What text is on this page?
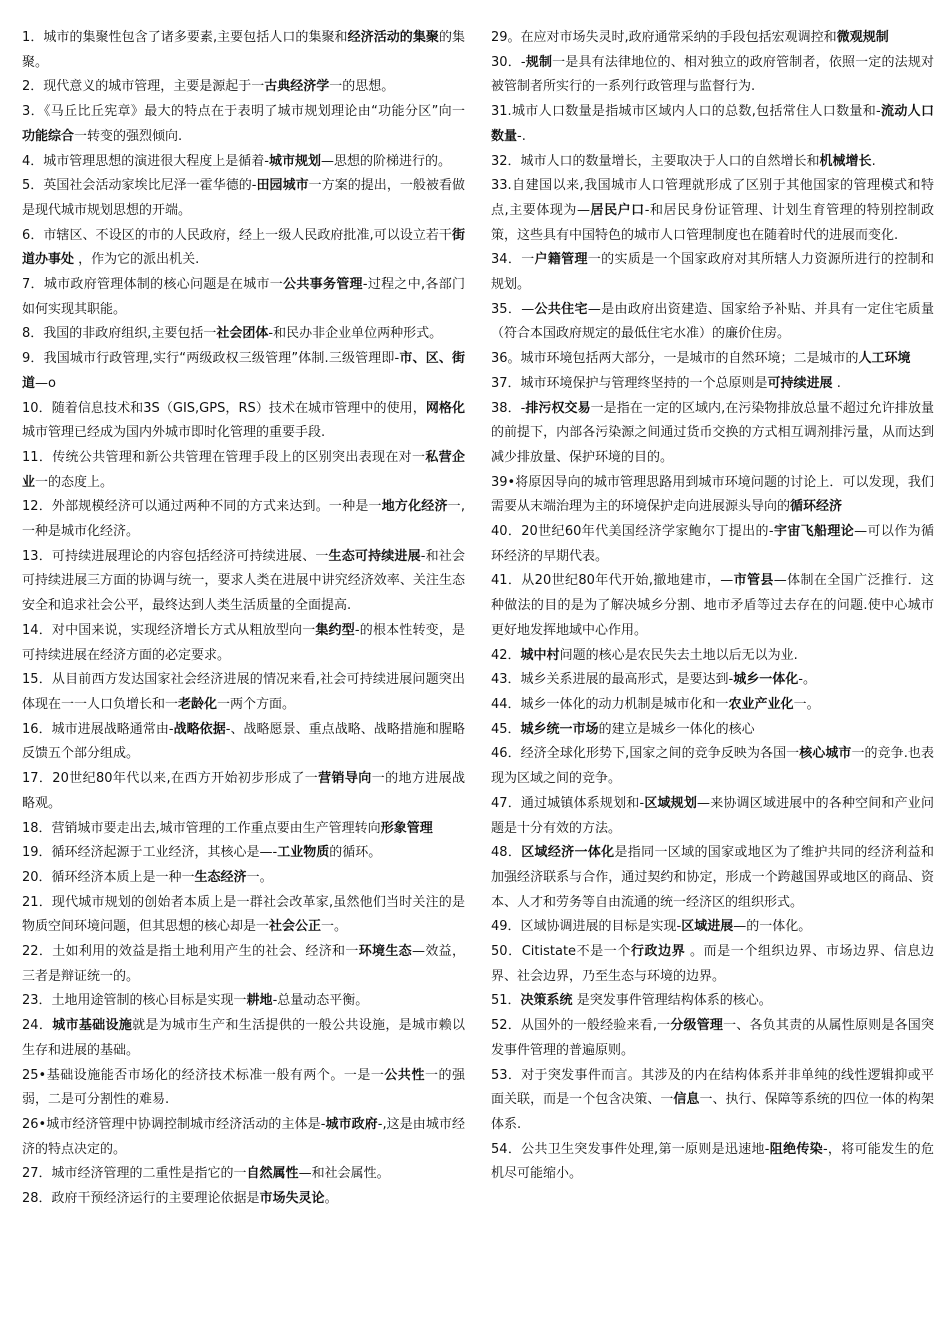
1．城市的集聚性包含了诸多要素,主要包括人口的集聚和经济活动的集聚的集聚。

2．现代意义的城市管理，主要是源起于一古典经济学一的思想。

3．《马丘比丘宪章》最大的特点在于表明了城市规划理论由“功能分区”向一功能综合一转变的强烈倾向.

4．城市管理思想的演进很大程度上是循着-城市规划—思想的阶梯进行的。

5．英国社会活动家埃比尼泽一霍华德的-田园城市一方案的提出，一般被看做是现代城市规划思想的开端。

6．市辖区、不设区的市的人民政府，经上一级人民政府批准,可以设立若干街道办事处 ，作为它的派出机关.

7．城市政府管理体制的核心问题是在城市一公共事务管理-过程之中,各部门如何实现其职能。

8．我国的非政府组织,主要包括一社会团体-和民办非企业单位两种形式。

9．我国城市行政管理,实行“两级政权三级管理”体制.三级管理即-市、区、街道—o

10．随着信息技术和3S（GIS,GPS，RS）技术在城市管理中的使用，网格化 城市管理已经成为国内外城市即时化管理的重要手段.

11．传统公共管理和新公共管理在管理手段上的区别突出表现在对一私营企业一的态度上。

12．外部规模经济可以通过两种不同的方式来达到。一种是一地方化经济一,一种是城市化经济。

13．可持续进展理论的内容包括经济可持续进展、一生态可持续进展-和社会可持续进展三方面的协调与统一，要求人类在进展中讲究经济效率、关注生态安全和追求社会公平，最终达到人类生活质量的全面提高.

14．对中国来说，实现经济增长方式从粗放型向一集约型-的根本性转变，是可持续进展在经济方面的必定要求。

15．从目前西方发达国家社会经济进展的情况来看,社会可持续进展问题突出体现在一一人口负增长和一老龄化一两个方面。

16．城市进展战略通常由-战略依据-、战略愿景、重点战略、战略措施和腥略反馈五个部分组成。

17．20世纪80年代以来,在西方开始初步形成了一营销导向一的地方进展战略观。

18．营销城市要走出去,城市管理的工作重点要由生产管理转向形象管理

19．循环经济起源于工业经济，其核心是—-工业物质的循环。

20．循环经济本质上是一种一生态经济一。

21．现代城市规划的创始者本质上是一群社会改革家,虽然他们当时关注的是物质空间环境问题，但其思想的核心却是一社会公正一。

22．土如利用的效益是指土地利用产生的社会、经济和一环境生态—效益，三者是辩证统一的。

23．土地用途管制的核心目标是实现一耕地-总量动态平衡。

24．城市基础设施就是为城市生产和生活提供的一般公共设施，是城市赖以生存和进展的基础。

25•基础设施能否市场化的经济技术标准一般有两个。一是一公共性一的强弱，二是可分割性的难易.

26•城市经济管理中协调控制城市经济活动的主体是-城市政府-,这是由城市经济的特点决定的。

27．城市经济管理的二重性是指它的一自然属性—和社会属性。

28．政府干预经济运行的主要理论依据是市场失灵论。

29。在应对市场失灵时,政府通常采纳的手段包括宏观调控和微观规制

30．-规制一是具有法律地位的、相对独立的政府管制者，依照一定的法规对被管制者所实行的一系列行政管理与监督行为.

31.城市人口数量是指城市区域内人口的总数,包括常住人口数量和-流动人口数量-.

32．城市人口的数量增长，主要取决于人口的自然增长和机械增长.

33.自建国以来,我国城市人口管理就形成了区别于其他国家的管理模式和特点,主要体现为—居民户口-和居民身份证管理、计划生育管理的特别控制政策，这些具有中国特色的城市人口管理制度也在随着时代的进展而变化.

34．一户籍管理一的实质是一个国家政府对其所辖人力资源所进行的控制和规划。

35．—公共住宅—是由政府出资建造、国家给予补贴、并具有一定住宅质量（符合本国政府规定的最低住宅水准）的廉价住房。

36。城市环境包括两大部分，一是城市的自然环境；二是城市的人工环境

37．城市环境保护与管理终坚持的一个总原则是可持续进展 .

38．-排污权交易一是指在一定的区域内,在污染物排放总量不超过允许排放量的前提下，内部各污染源之间通过货币交换的方式相互调剂排污量，从而达到减少排放量、保护环境的目的。

39•将原因导向的城市管理思路用到城市环境问题的讨论上．可以发现，我们需要从末端治理为主的环境保护走向进展源头导向的循环经济

40．20世纪60年代美国经济学家鲍尔丁提出的-宇宙飞船理论—可以作为循环经济的早期代表。

41．从20世纪80年代开始,撤地建市，—市管县—体制在全国广泛推行．这种做法的目的是为了解决城乡分割、地市矛盾等过去存在的问题.使中心城市更好地发挥地域中心作用。

42．城中村问题的核心是农民失去土地以后无以为业.

43．城乡关系进展的最高形式，是要达到-城乡一体化-。

44．城乡一体化的动力机制是城市化和一农业产业化一。

45．城乡统一市场的建立是城乡一体化的核心

46．经济全球化形势下,国家之间的竞争反映为各国一核心城市一的竞争.也表现为区域之间的竞争。

47．通过城镇体系规划和-区域规划—来协调区域进展中的各种空间和产业问题是十分有效的方法。

48．区域经济一体化是指同一区域的国家或地区为了维护共同的经济利益和加强经济联系与合作，通过契约和协定，形成一个跨越国界或地区的商品、资本、人才和劳务等自由流通的统一经济区的组织形式。

49．区域协调进展的目标是实现-区域进展—的一体化。

50．Citistate不是一个行政边界 。而是一个组织边界、市场边界、信息边界、社会边界，乃至生态与环境的边界。

51．决策系统 是突发事件管理结构体系的核心。

52．从国外的一般经验来看,一分级管理一、各负其责的从属性原则是各国突发事件管理的普遍原则。

53．对于突发事件而言。其涉及的内在结构体系并非单纯的线性逻辑抑或平面关联，而是一个包含决策、一信息一、执行、保障等系统的四位一体的构架体系.

54．公共卫生突发事件处理,第一原则是迅速地-阻绝传染-，将可能发生的危机尽可能缩小。
